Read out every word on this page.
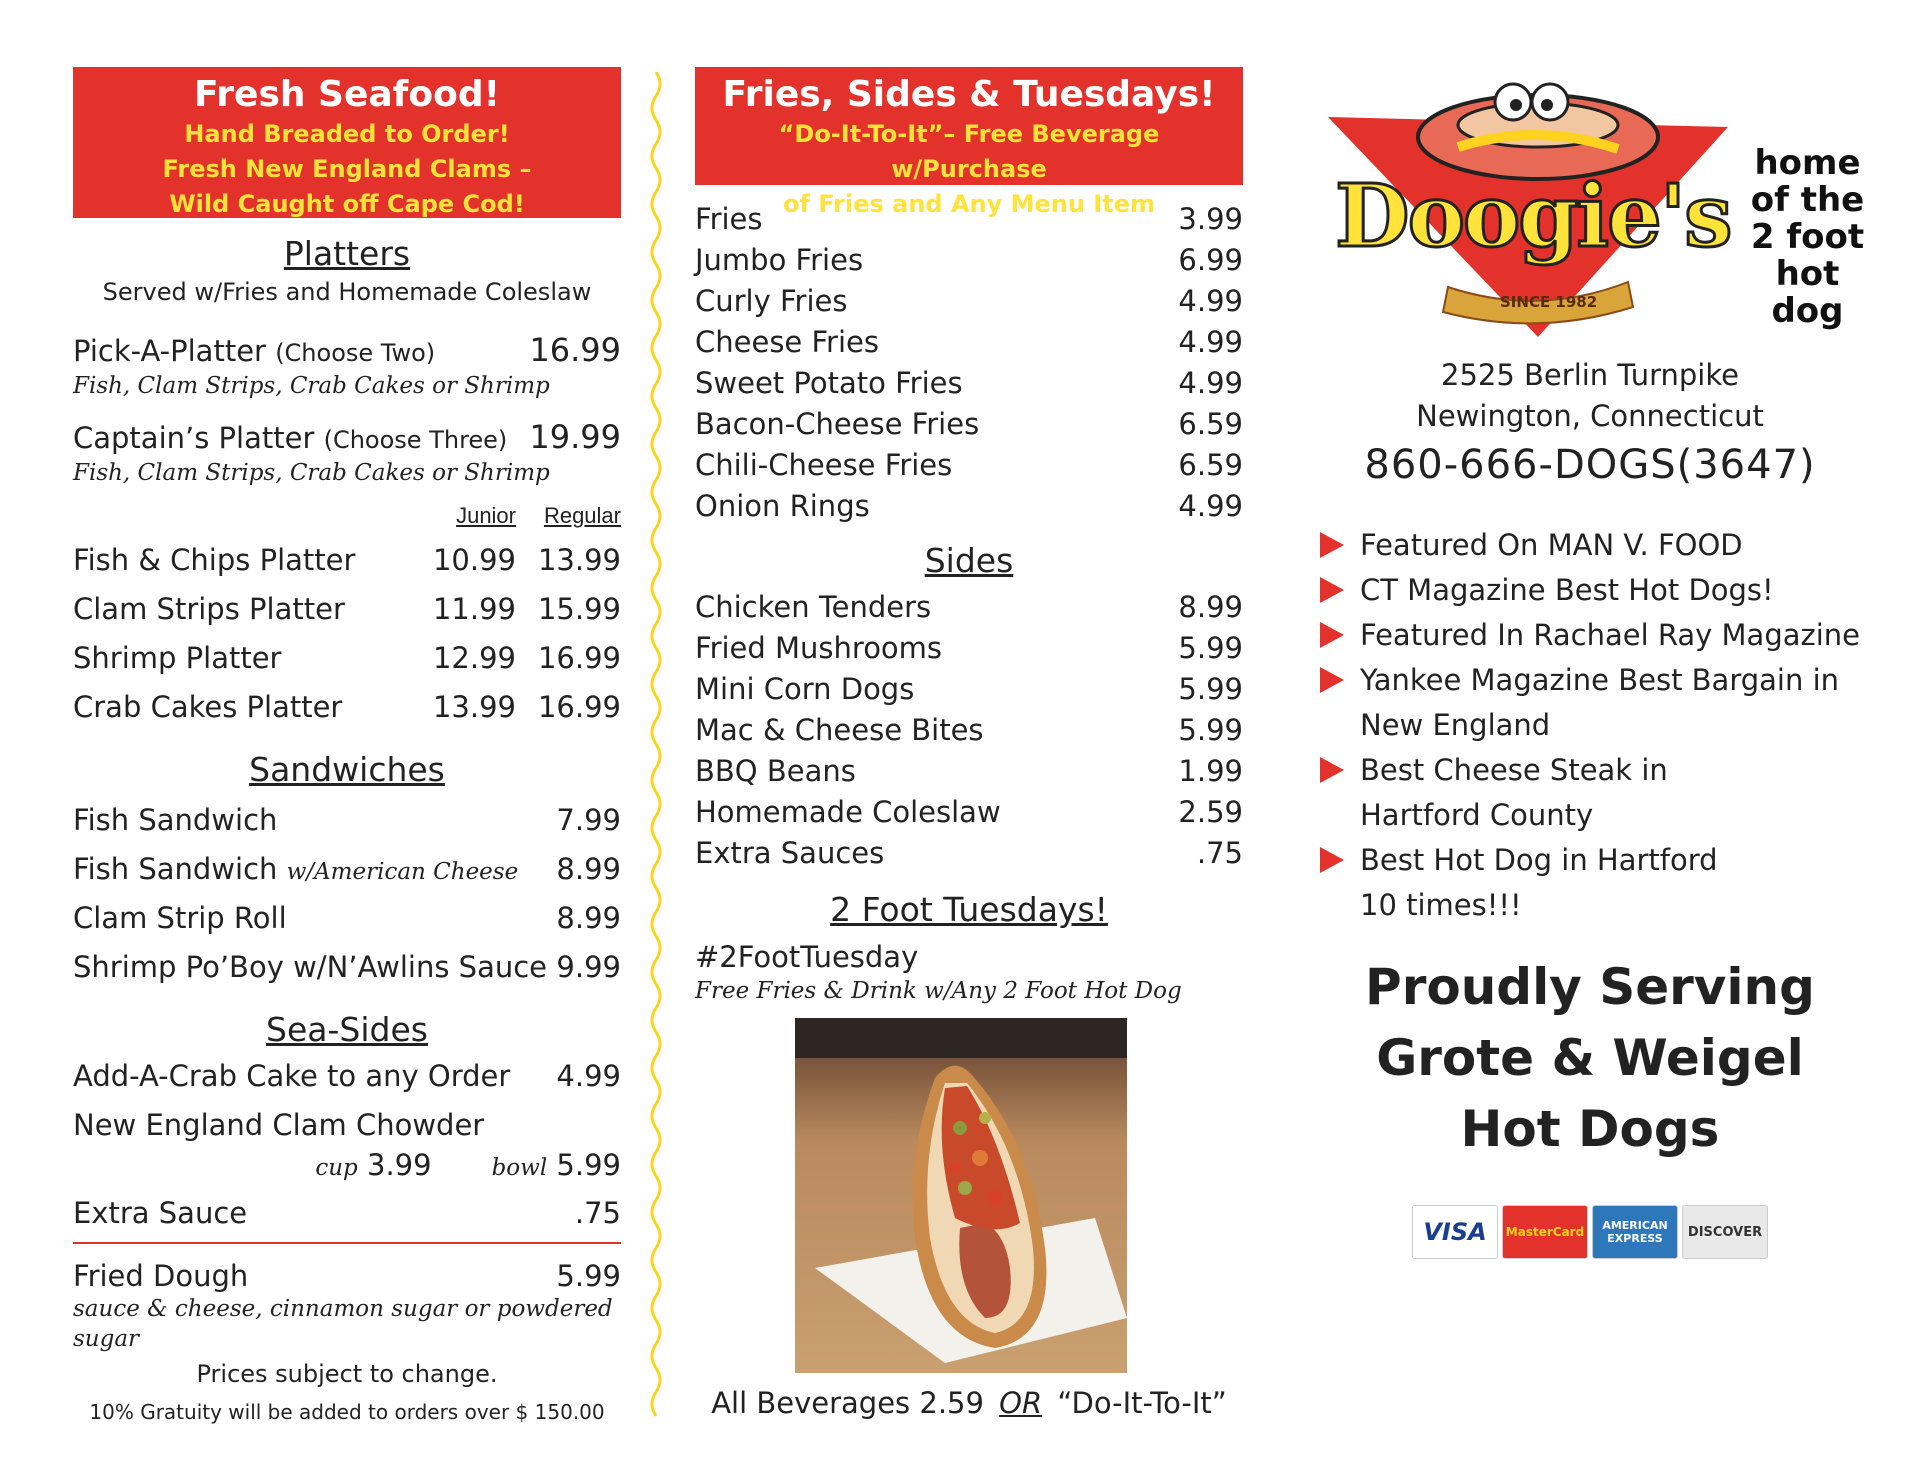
Fresh Seafood!
Hand Breaded to Order!
Fresh New England Clams –
Wild Caught off Cape Cod!
Platters
Served w/Fries and Homemade Coleslaw
Pick-A-Platter (Choose Two)	16.99
Fish, Clam Strips, Crab Cakes or Shrimp
Captain’s Platter (Choose Three) 19.99
Fish, Clam Strips, Crab Cakes or Shrimp
Junior	Regular
Fish & Chips Platter	10.99 13.99
Clam Strips Platter	11.99 15.99
Shrimp Platter	12.99 16.99
Crab Cakes Platter	13.99 16.99
Sandwiches
Fish Sandwich	7.99
Fish Sandwich w/American Cheese 8.99
Clam Strip Roll	8.99
Shrimp Po’Boy w/N’Awlins Sauce 9.99
Sea-Sides
Add-A-Crab Cake to any Order 4.99
New England Clam Chowder
cup 3.99	bowl 5.99
Extra Sauce	.75
Fried Dough	5.99
sauce & cheese, cinnamon sugar or powdered sugar
Prices subject to change.
10% Gratuity will be added to orders over $ 150.00
Fries, Sides & Tuesdays!
“Do-It-To-It”– Free Beverage w/Purchase
of Fries and Any Menu Item
Fries	3.99
Jumbo Fries	6.99
Curly Fries	4.99
Cheese Fries	4.99
Sweet Potato Fries	4.99
Bacon-Cheese Fries	6.59
Chili-Cheese Fries	6.59
Onion Rings	4.99
Sides
Chicken Tenders	8.99
Fried Mushrooms	5.99
Mini Corn Dogs	5.99
Mac & Cheese Bites	5.99
BBQ Beans	1.99
Homemade Coleslaw	2.59
Extra Sauces	.75
2 Foot Tuesdays!
#2FootTuesday
Free Fries & Drink w/Any 2 Foot Hot Dog
All Beverages 2.59 OR “Do-It-To-It”
Doogie's
SINCE 1982
home
of the
2 foot
hot dog
2525 Berlin Turnpike
Newington, Connecticut
860-666-DOGS(3647)
Featured On MAN V. FOOD
CT Magazine Best Hot Dogs!
Featured In Rachael Ray Magazine
Yankee Magazine Best Bargain in New England
Best Cheese Steak in Hartford County
Best Hot Dog in Hartford 10 times!!!
Proudly Serving
Grote & Weigel
Hot Dogs
VISA	MasterCard	AMERICAN EXPRESS	DISCOVER
